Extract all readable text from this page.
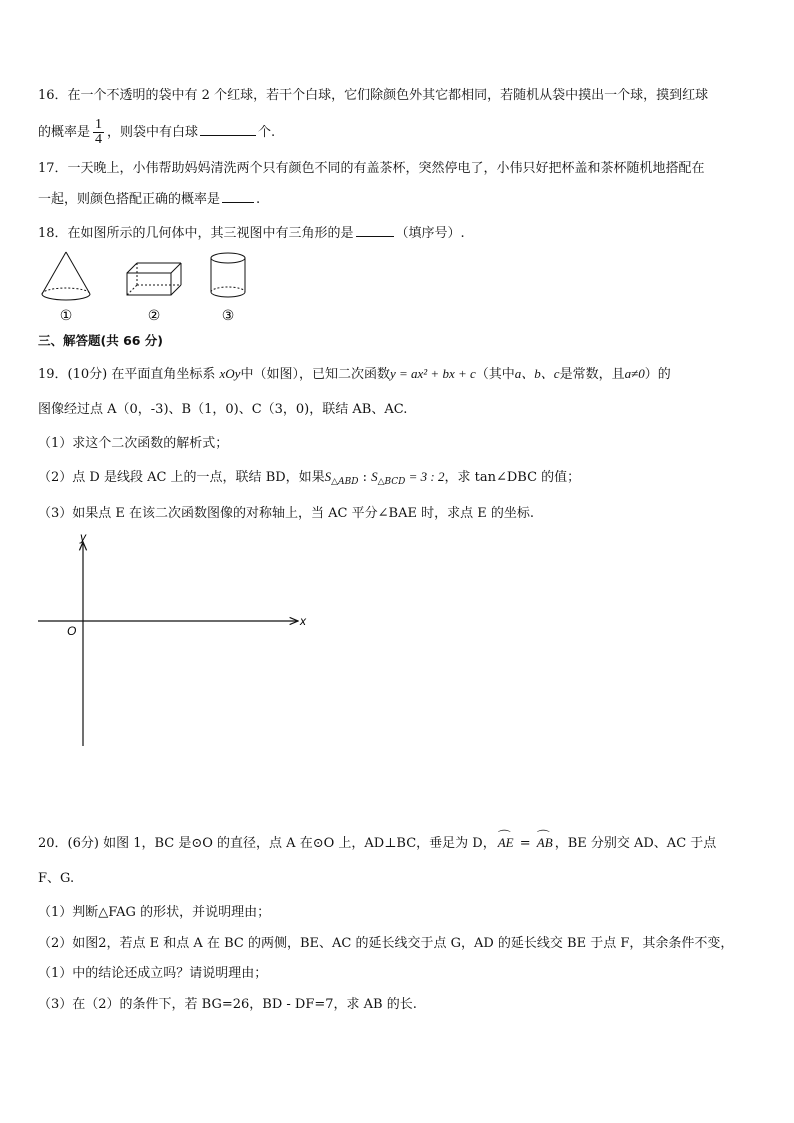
16．在一个不透明的袋中有 2 个红球，若干个白球，它们除颜色外其它都相同，若随机从袋中摸出一个球，摸到红球
的概率是 $\frac{1}{4}$ ，则袋中有白球	个.
17．一天晚上，小伟帮助妈妈清洗两个只有颜色不同的有盖茶杯，突然停电了，小伟只好把杯盖和茶杯随机地搭配在
一起，则颜色搭配正确的概率是	.
18．在如图所示的几何体中，其三视图中有三角形的是	（填序号）.
①	②	③
三、解答题(共 66 分)
19．(10分) 在平面直角坐标系 xOy中（如图），已知二次函数y = ax² + bx + c（其中a、b、c是常数，且a≠0）的
图像经过点 A（0，-3)、B（1，0)、C（3，0)，联结 AB、AC.
（1）求这个二次函数的解析式；
（2）点 D 是线段 AC 上的一点，联结 BD，如果$S_{\triangle ABD}$ : $S_{\triangle BCD} = 3$ : 2，求 tan∠DBC 的值；
（3）如果点 E 在该二次函数图像的对称轴上，当 AC 平分∠BAE 时，求点 E 的坐标.
y
x
O
20．(6分) 如图 1，BC 是⊙O 的直径，点 A 在⊙O 上，AD⊥BC，垂足为 D， ⌒ AE = ⌒ AB ，BE 分别交 AD、AC 于点
F、G.
（1）判断△FAG 的形状，并说明理由；
（2）如图2，若点 E 和点 A 在 BC 的两侧，BE、AC 的延长线交于点 G，AD 的延长线交 BE 于点 F，其余条件不变，
（1）中的结论还成立吗？请说明理由；
（3）在（2）的条件下，若 BG=26，BD - DF=7，求 AB 的长.
